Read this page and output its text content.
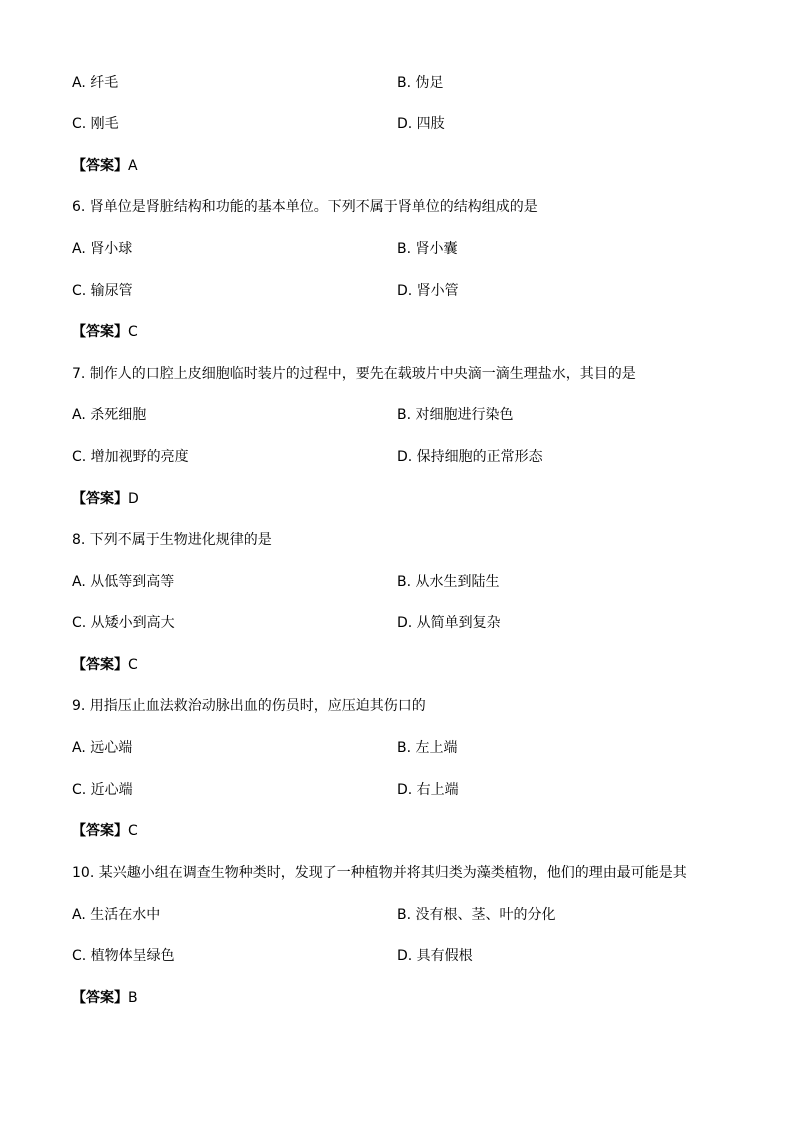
A. 纤毛	B. 伪足
C. 刚毛	D. 四肢
【答案】A
6. 肾单位是肾脏结构和功能的基本单位。下列不属于肾单位的结构组成的是
A. 肾小球	B. 肾小囊
C. 输尿管	D. 肾小管
【答案】C
7. 制作人的口腔上皮细胞临时装片的过程中，要先在载玻片中央滴一滴生理盐水，其目的是
A. 杀死细胞	B. 对细胞进行染色
C. 增加视野的亮度	D. 保持细胞的正常形态
【答案】D
8. 下列不属于生物进化规律的是
A. 从低等到高等	B. 从水生到陆生
C. 从矮小到高大	D. 从简单到复杂
【答案】C
9. 用指压止血法救治动脉出血的伤员时，应压迫其伤口的
A. 远心端	B. 左上端
C. 近心端	D. 右上端
【答案】C
10. 某兴趣小组在调查生物种类时，发现了一种植物并将其归类为藻类植物，他们的理由最可能是其
A. 生活在水中	B. 没有根、茎、叶的分化
C. 植物体呈绿色	D. 具有假根
【答案】B
